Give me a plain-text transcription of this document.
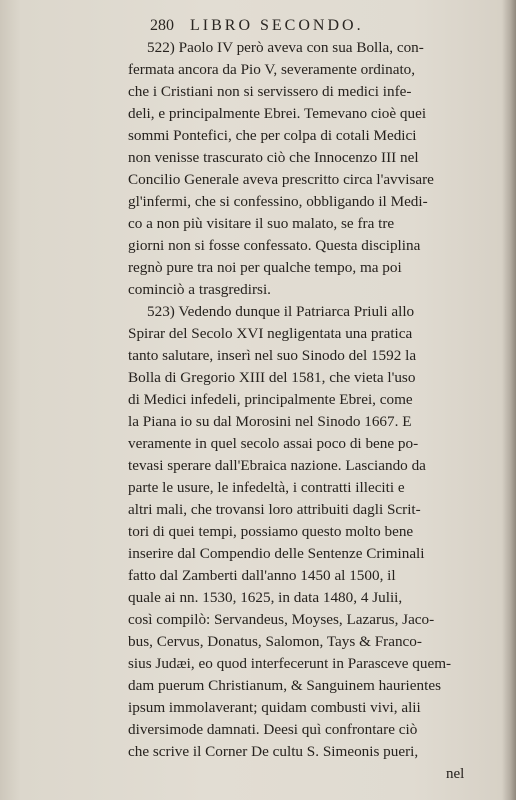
280 LIBRO SECONDO.
522) Paolo IV però aveva con sua Bolla, con-
fermata ancora da Pio V, severamente ordinato,
che i Cristiani non si servissero di medici infe-
deli, e principalmente Ebrei. Temevano cioè quei
sommi Pontefici, che per colpa di cotali Medici
non venisse trascurato ciò che Innocenzo III nel
Concilio Generale aveva prescritto circa l'avvisare
gl'infermi, che si confessino, obbligando il Medi-
co a non più visitare il suo malato, se fra tre
giorni non si fosse confessato. Questa disciplina
regnò pure tra noi per qualche tempo, ma poi
cominciò a trasgredirsi.
523) Vedendo dunque il Patriarca Priuli allo
Spirar del Secolo XVI negligentata una pratica
tanto salutare, inserì nel suo Sinodo del 1592 la
Bolla di Gregorio XIII del 1581, che vieta l'uso
di Medici infedeli, principalmente Ebrei, come
la Piana io su dal Morosini nel Sinodo 1667. E
veramente in quel secolo assai poco di bene po-
tevasi sperare dall'Ebraica nazione. Lasciando da
parte le usure, le infedeltà, i contratti illeciti e
altri mali, che trovansi loro attribuiti dagli Scrit-
tori di quei tempi, possiamo questo molto bene
inserire dal Compendio delle Sentenze Criminali
fatto dal Zamberti dall'anno 1450 al 1500, il
quale ai nn. 1530, 1625, in data 1480, 4 Julii,
così compilò: Servandeus, Moyses, Lazarus, Jaco-
bus, Cervus, Donatus, Salomon, Tays & Franco-
sius Judæi, eo quod interfecerunt in Parasceve quem-
dam puerum Christianum, & Sanguinem haurientes
ipsum immolaverant; quidam combusti vivi, alii
diversimode damnati. Deesi quì confrontare ciò
che scrive il Corner De cultu S. Simeonis pueri,
nel
